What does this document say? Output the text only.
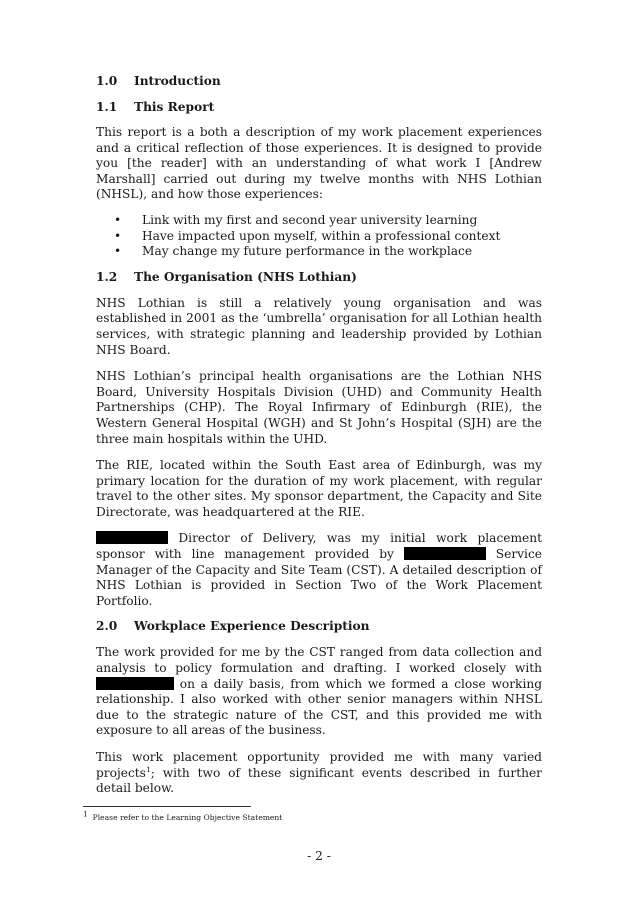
1.0	Introduction
1.1	This Report

This report is a both a description of my work placement experiences and a critical reflection of those experiences. It is designed to provide you [the reader] with an understanding of what work I [Andrew Marshall] carried out during my twelve months with NHS Lothian (NHSL), and how those experiences:

• Link with my first and second year university learning
• Have impacted upon myself, within a professional context
• May change my future performance in the workplace
1.2	The Organisation (NHS Lothian)

NHS Lothian is still a relatively young organisation and was established in 2001 as the ‘umbrella’ organisation for all Lothian health services, with strategic planning and leadership provided by Lothian NHS Board.

NHS Lothian’s principal health organisations are the Lothian NHS Board, University Hospitals Division (UHD) and Community Health Partnerships (CHP). The Royal Infirmary of Edinburgh (RIE), the Western General Hospital (WGH) and St John’s Hospital (SJH) are the three main hospitals within the UHD.

The RIE, located within the South East area of Edinburgh, was my primary location for the duration of my work placement, with regular travel to the other sites. My sponsor department, the Capacity and Site Directorate, was headquartered at the RIE.

Director of Delivery, was my initial work placement sponsor with line management provided by	Service Manager of the Capacity and Site Team (CST). A detailed description of NHS Lothian is provided in Section Two of the Work Placement Portfolio.

2.0	Workplace Experience Description

The work provided for me by the CST ranged from data collection and analysis to policy formulation and drafting. I worked closely with  on a daily basis, from which we formed a close working relationship. I also worked with other senior managers within NHSL due to the strategic nature of the CST, and this provided me with exposure to all areas of the business.

This work placement opportunity provided me with many varied projects$^1$; with two of these significant events described in further detail below.

$^1$ Please refer to the Learning Objective Statement
- 2 -
